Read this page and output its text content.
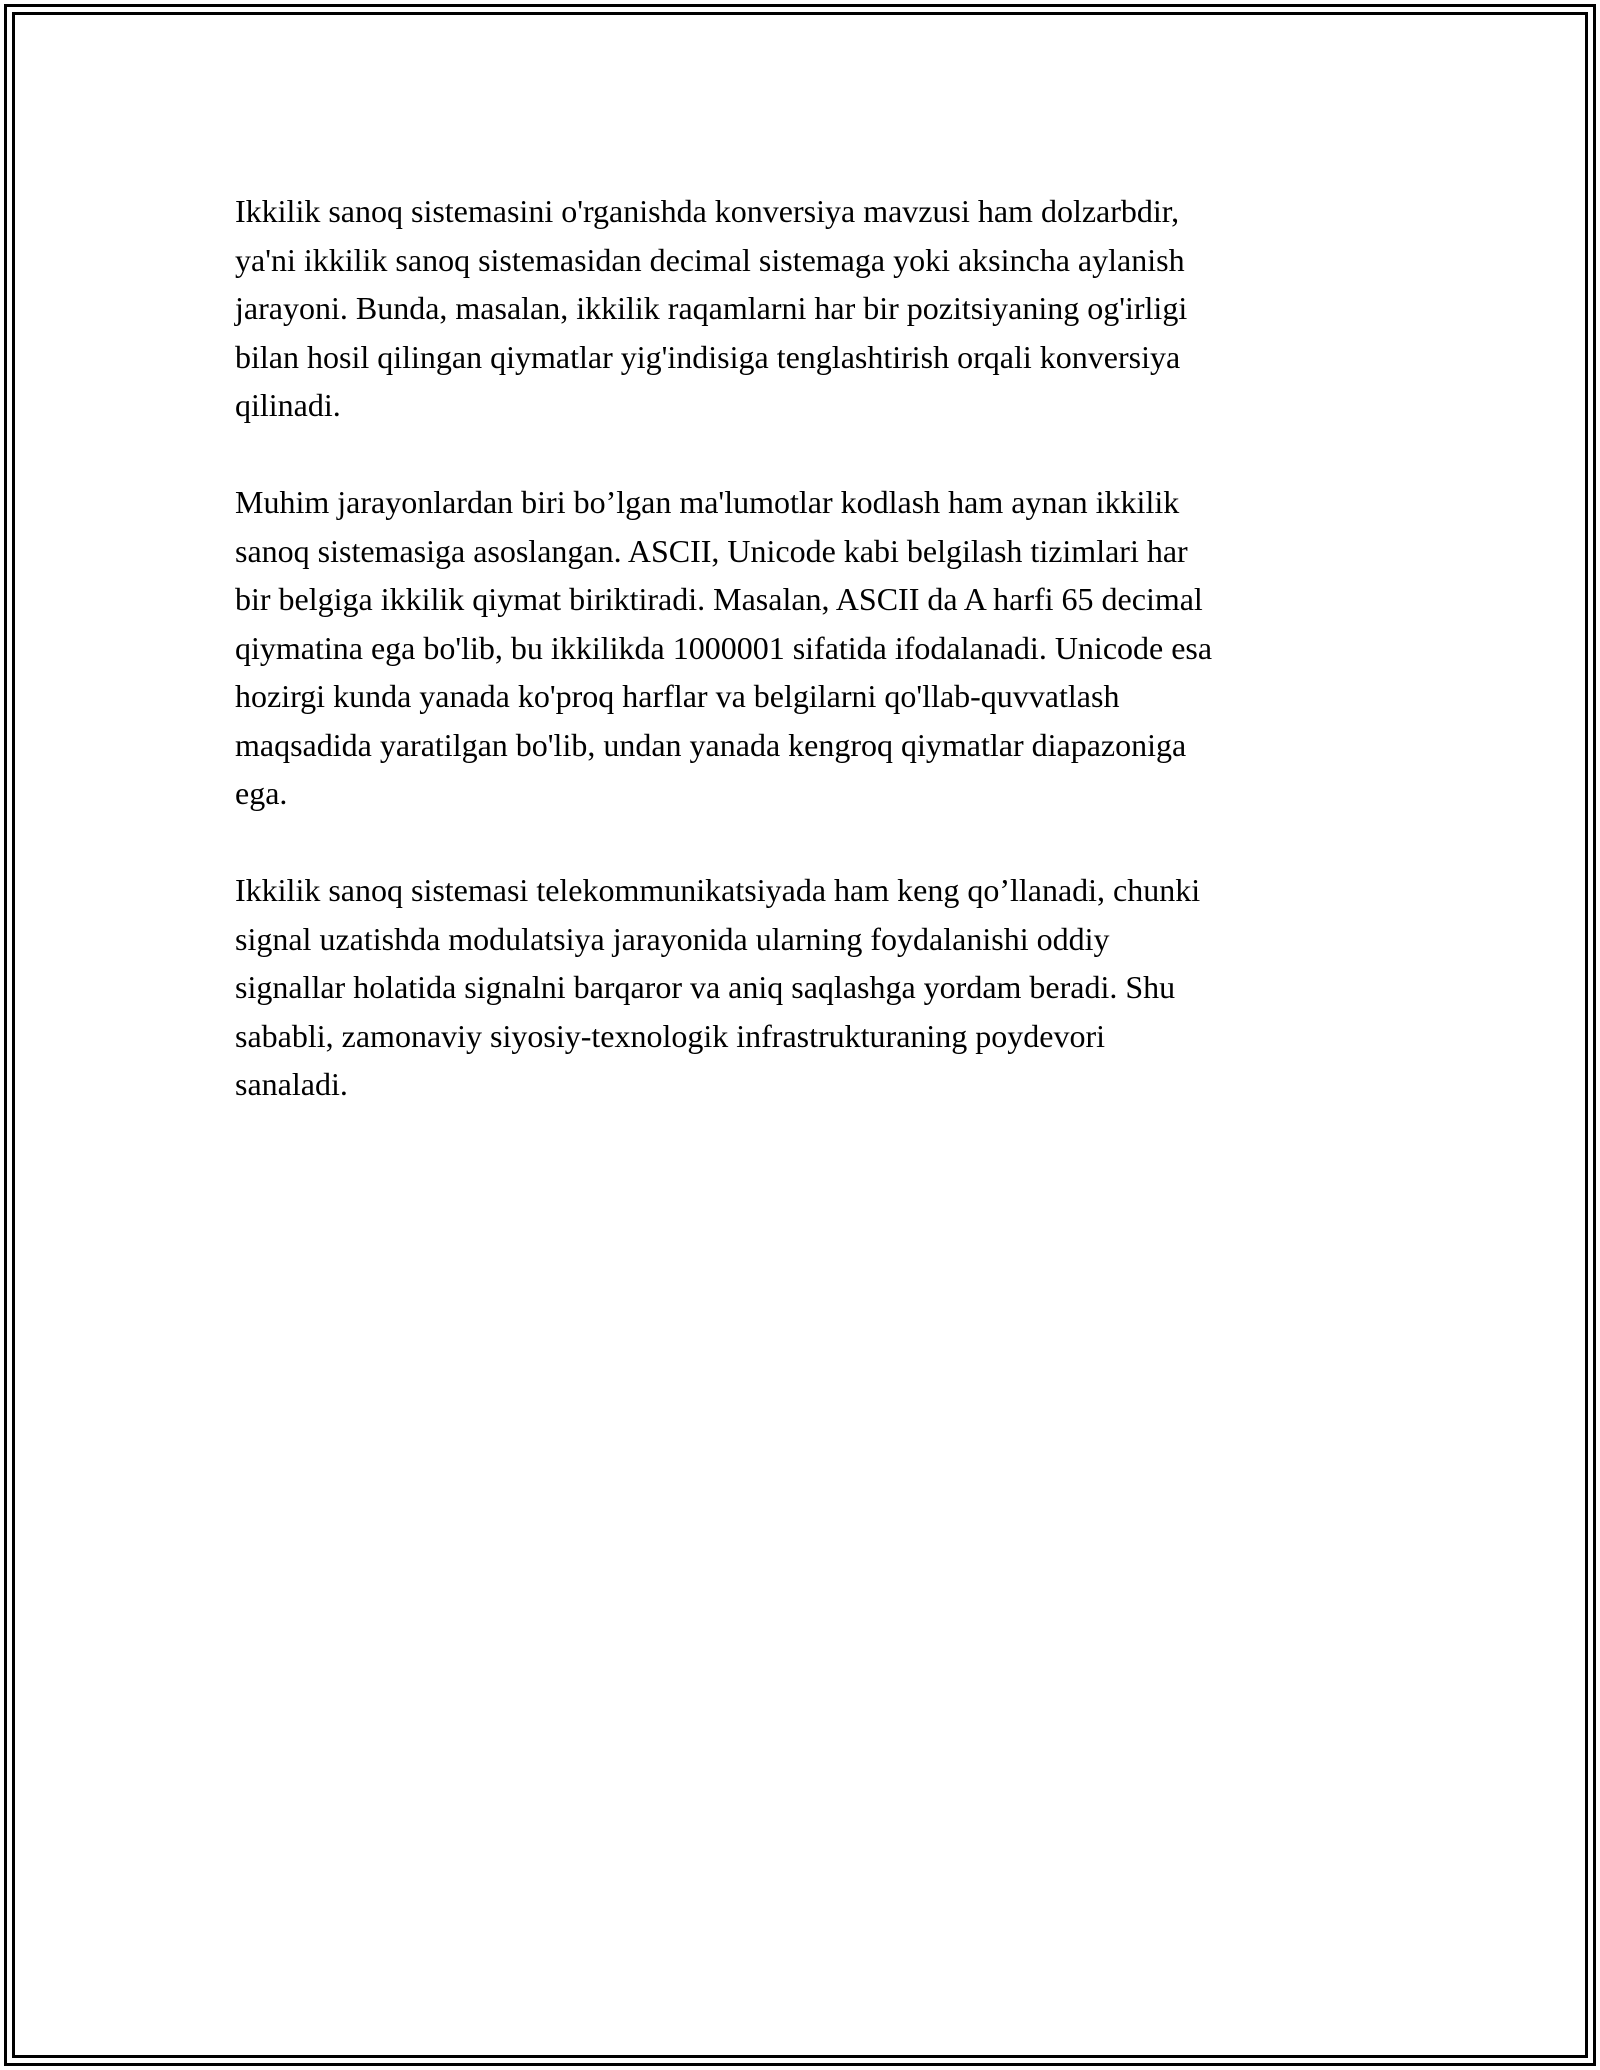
Ikkilik sanoq sistemasini o'rganishda konversiya mavzusi ham dolzarbdir,
ya'ni ikkilik sanoq sistemasidan decimal sistemaga yoki aksincha aylanish
jarayoni. Bunda, masalan, ikkilik raqamlarni har bir pozitsiyaning og'irligi
bilan hosil qilingan qiymatlar yig'indisiga tenglashtirish orqali konversiya
qilinadi.

Muhim jarayonlardan biri bo’lgan ma'lumotlar kodlash ham aynan ikkilik
sanoq sistemasiga asoslangan. ASCII, Unicode kabi belgilash tizimlari har
bir belgiga ikkilik qiymat biriktiradi. Masalan, ASCII da A harfi 65 decimal
qiymatina ega bo'lib, bu ikkilikda 1000001 sifatida ifodalanadi. Unicode esa
hozirgi kunda yanada ko'proq harflar va belgilarni qo'llab-quvvatlash
maqsadida yaratilgan bo'lib, undan yanada kengroq qiymatlar diapazoniga
ega.

Ikkilik sanoq sistemasi telekommunikatsiyada ham keng qo’llanadi, chunki
signal uzatishda modulatsiya jarayonida ularning foydalanishi oddiy
signallar holatida signalni barqaror va aniq saqlashga yordam beradi. Shu
sababli, zamonaviy siyosiy-texnologik infrastrukturaning poydevori
sanaladi.
